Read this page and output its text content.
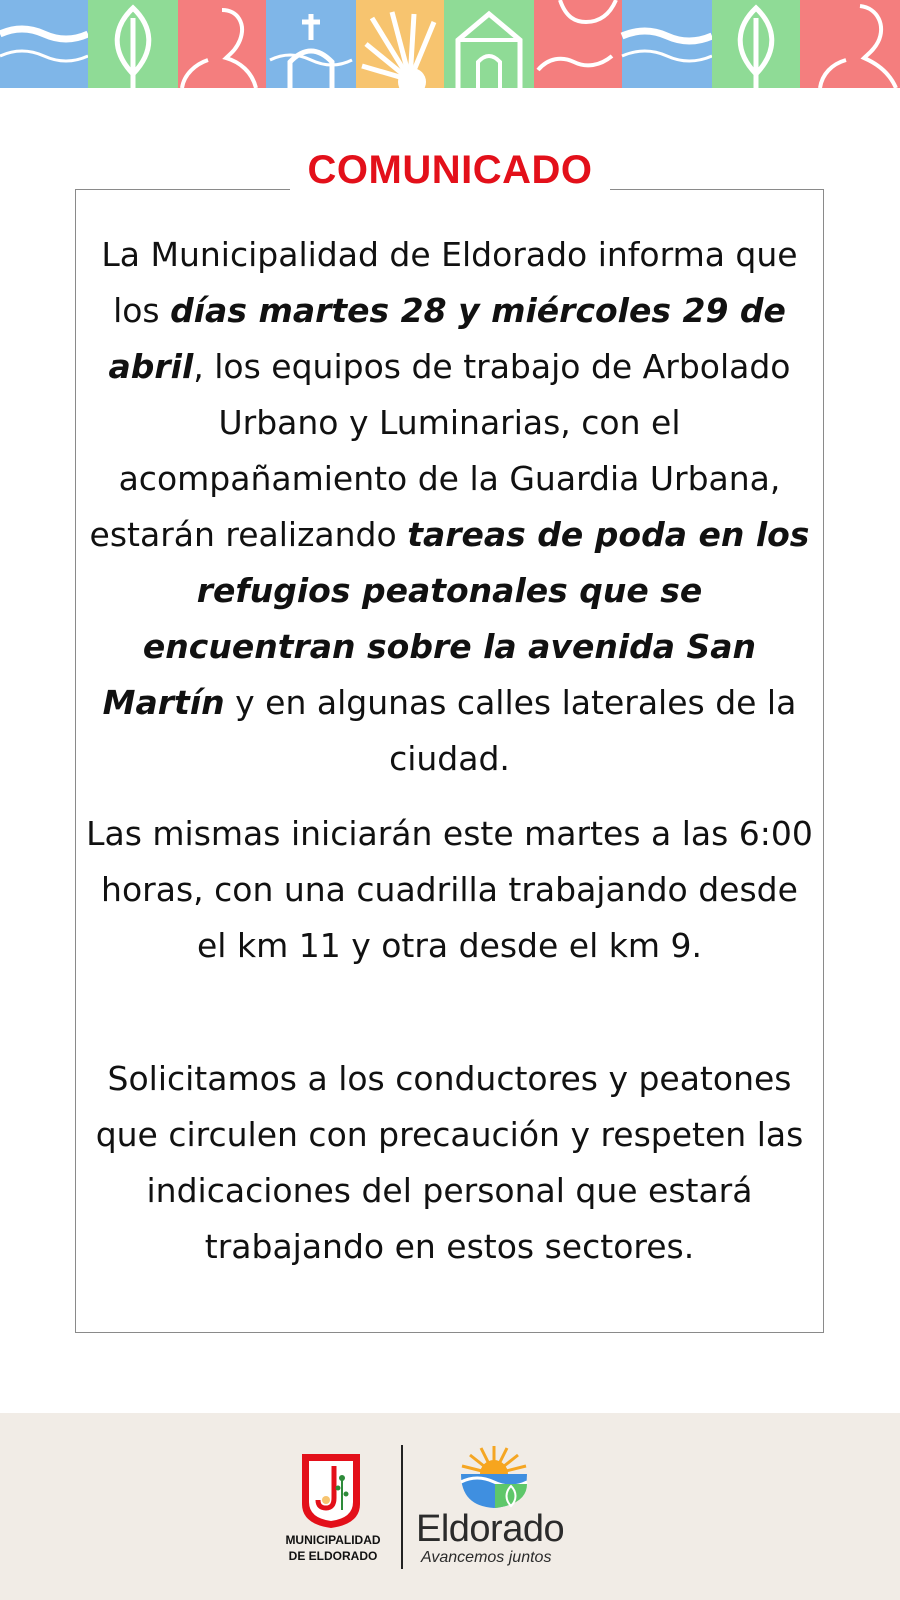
COMUNICADO

La Municipalidad de Eldorado informa que los días martes 28 y miércoles 29 de abril, los equipos de trabajo de Arbolado Urbano y Luminarias, con el acompañamiento de la Guardia Urbana, estarán realizando tareas de poda en los refugios peatonales que se encuentran sobre la avenida San Martín y en algunas calles laterales de la ciudad.

Las mismas iniciarán este martes a las 6:00 horas, con una cuadrilla trabajando desde el km 11 y otra desde el km 9.

Solicitamos a los conductores y peatones que circulen con precaución y respeten las indicaciones del personal que estará trabajando en estos sectores.

MUNICIPALIDAD
DE ELDORADO
Eldorado
Avancemos juntos
